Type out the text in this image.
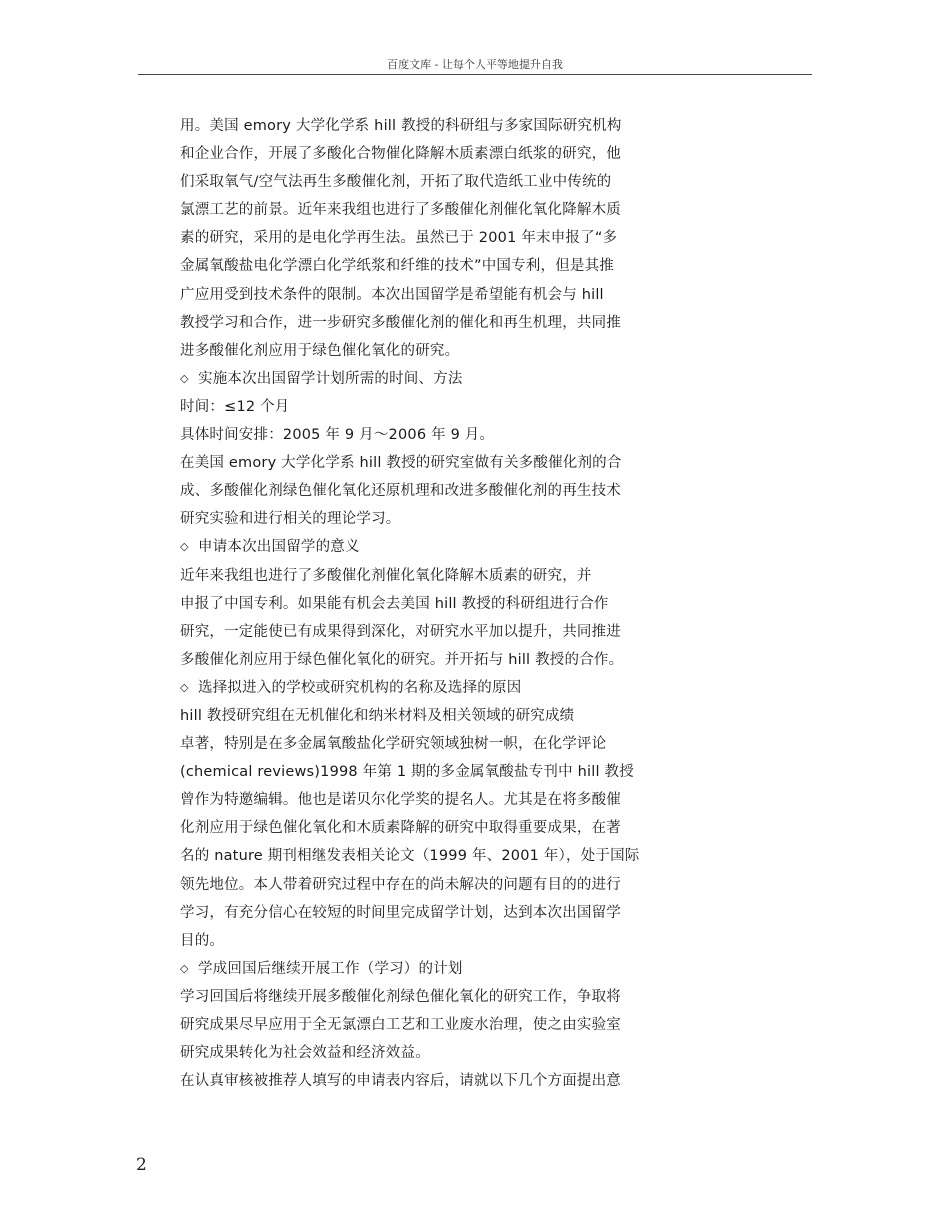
百度文库 - 让每个人平等地提升自我
用。美国 emory 大学化学系 hill 教授的科研组与多家国际研究机构
和企业合作，开展了多酸化合物催化降解木质素漂白纸浆的研究，他
们采取氧气/空气法再生多酸催化剂，开拓了取代造纸工业中传统的
氯漂工艺的前景。近年来我组也进行了多酸催化剂催化氧化降解木质
素的研究，采用的是电化学再生法。虽然已于 2001 年末申报了“多
金属氧酸盐电化学漂白化学纸浆和纤维的技术”中国专利，但是其推
广应用受到技术条件的限制。本次出国留学是希望能有机会与 hill
教授学习和合作，进一步研究多酸催化剂的催化和再生机理，共同推
进多酸催化剂应用于绿色催化氧化的研究。
◇ 实施本次出国留学计划所需的时间、方法
时间：≤12 个月
具体时间安排：2005 年 9 月～2006 年 9 月。
在美国 emory 大学化学系 hill 教授的研究室做有关多酸催化剂的合
成、多酸催化剂绿色催化氧化还原机理和改进多酸催化剂的再生技术
研究实验和进行相关的理论学习。
◇ 申请本次出国留学的意义
近年来我组也进行了多酸催化剂催化氧化降解木质素的研究，并
申报了中国专利。如果能有机会去美国 hill 教授的科研组进行合作
研究，一定能使已有成果得到深化，对研究水平加以提升，共同推进
多酸催化剂应用于绿色催化氧化的研究。并开拓与 hill 教授的合作。
◇ 选择拟进入的学校或研究机构的名称及选择的原因
hill 教授研究组在无机催化和纳米材料及相关领域的研究成绩
卓著，特别是在多金属氧酸盐化学研究领域独树一帜，在化学评论
(chemical reviews)1998 年第 1 期的多金属氧酸盐专刊中 hill 教授
曾作为特邀编辑。他也是诺贝尔化学奖的提名人。尤其是在将多酸催
化剂应用于绿色催化氧化和木质素降解的研究中取得重要成果，在著
名的 nature 期刊相继发表相关论文（1999 年、2001 年），处于国际
领先地位。本人带着研究过程中存在的尚未解决的问题有目的的进行
学习，有充分信心在较短的时间里完成留学计划，达到本次出国留学
目的。
◇ 学成回国后继续开展工作（学习）的计划
学习回国后将继续开展多酸催化剂绿色催化氧化的研究工作，争取将
研究成果尽早应用于全无氯漂白工艺和工业废水治理，使之由实验室
研究成果转化为社会效益和经济效益。
在认真审核被推荐人填写的申请表内容后，请就以下几个方面提出意
2
